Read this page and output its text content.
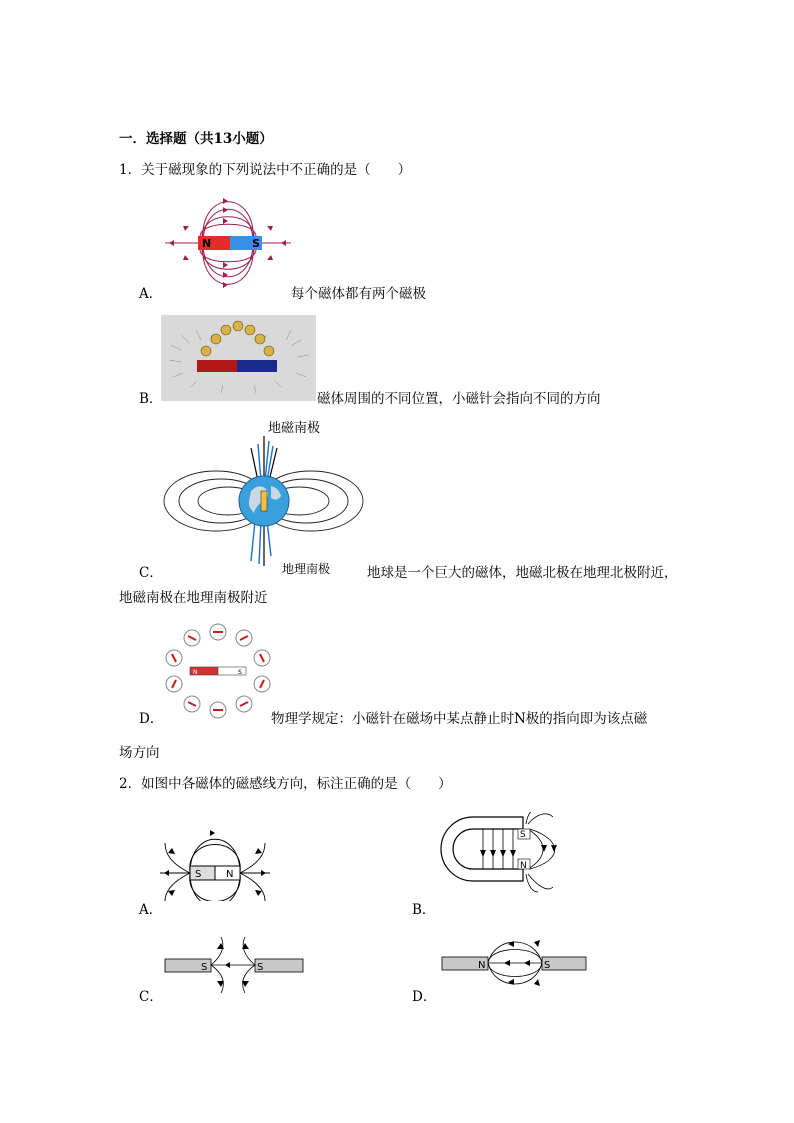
一．选择题（共13小题）
1．关于磁现象的下列说法中不正确的是（　　）
N	S
A．	每个磁体都有两个磁极
B．	磁体周围的不同位置，小磁针会指向不同的方向
地磁南极
地理南极
C．	地球是一个巨大的磁体，地磁北极在地理北极附近，
地磁南极在地理南极附近
N	S
D．	物理学规定：小磁针在磁场中某点静止时N极的指向即为该点磁
场方向
2．如图中各磁体的磁感线方向，标注正确的是（　　）
S N
A．
S
N
B．
S	S
C．
N	S
D．
